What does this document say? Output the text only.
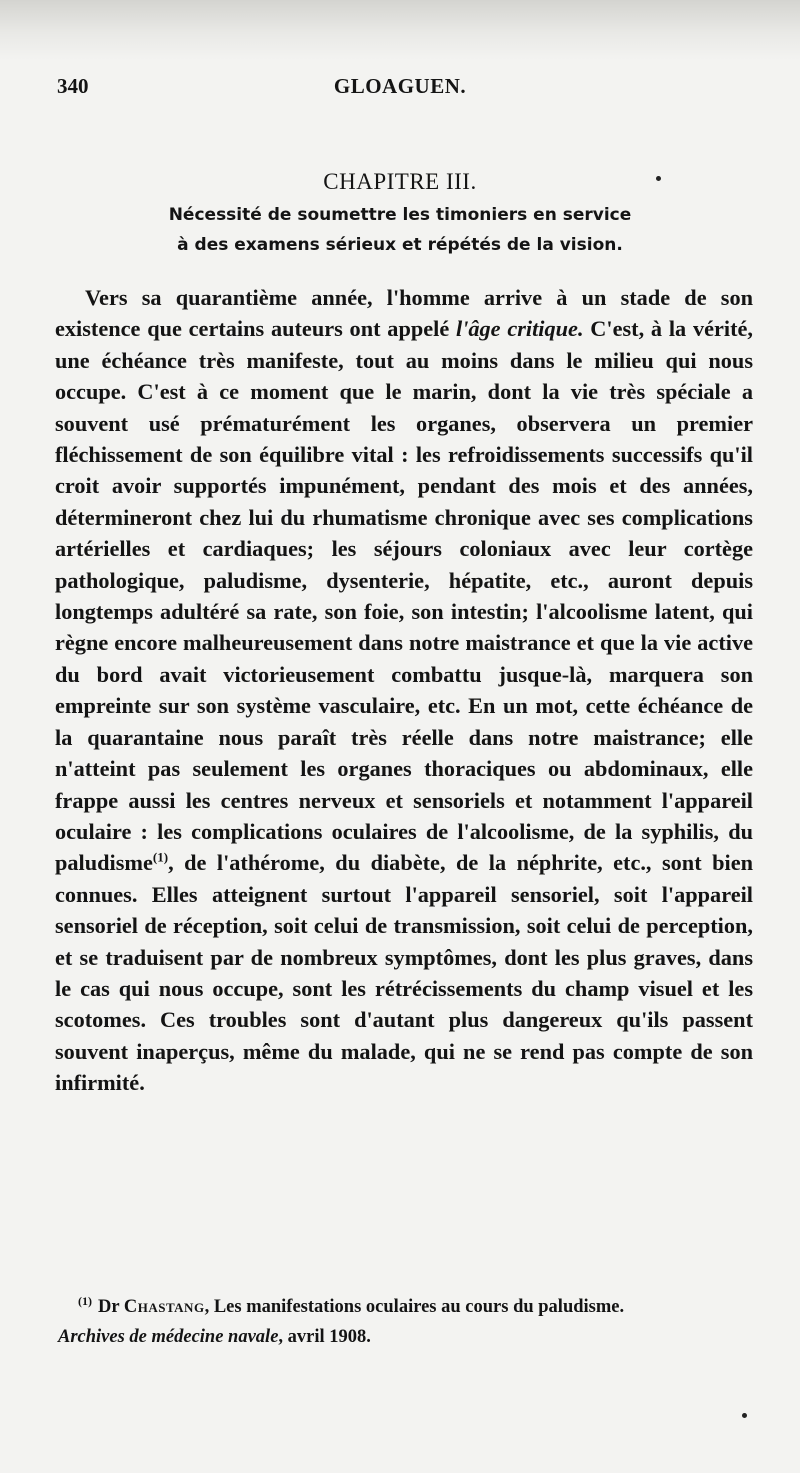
340	GLOAGUEN.
CHAPITRE III.
Nécessité de soumettre les timoniers en service
à des examens sérieux et répétés de la vision.

Vers sa quarantième année, l'homme arrive à un stade de son existence que certains auteurs ont appelé l'âge critique. C'est, à la vérité, une échéance très manifeste, tout au moins dans le milieu qui nous occupe. C'est à ce moment que le marin, dont la vie très spéciale a souvent usé prématurément les organes, observera un premier fléchissement de son équilibre vital : les refroidissements successifs qu'il croit avoir supportés impunément, pendant des mois et des années, détermineront chez lui du rhumatisme chronique avec ses complications artérielles et cardiaques; les séjours coloniaux avec leur cortège pathologique, paludisme, dysenterie, hépatite, etc., auront depuis longtemps adultéré sa rate, son foie, son intestin; l'alcoolisme latent, qui règne encore malheureusement dans notre maistrance et que la vie active du bord avait victorieusement combattu jusque-là, marquera son empreinte sur son système vasculaire, etc. En un mot, cette échéance de la quarantaine nous paraît très réelle dans notre maistrance; elle n'atteint pas seulement les organes thoraciques ou abdominaux, elle frappe aussi les centres nerveux et sensoriels et notamment l'appareil oculaire : les complications oculaires de l'alcoolisme, de la syphilis, du paludisme$^{(1)}$, de l'athérome, du diabète, de la néphrite, etc., sont bien connues. Elles atteignent surtout l'appareil sensoriel, soit l'appareil sensoriel de réception, soit celui de transmission, soit celui de perception, et se traduisent par de nombreux symptômes, dont les plus graves, dans le cas qui nous occupe, sont les rétrécissements du champ visuel et les scotomes. Ces troubles sont d'autant plus dangereux qu'ils passent souvent inaperçus, même du malade, qui ne se rend pas compte de son infirmité.

$^{(1)}$ Dr Chastang, Les manifestations oculaires au cours du paludisme.
Archives de médecine navale, avril 1908.
